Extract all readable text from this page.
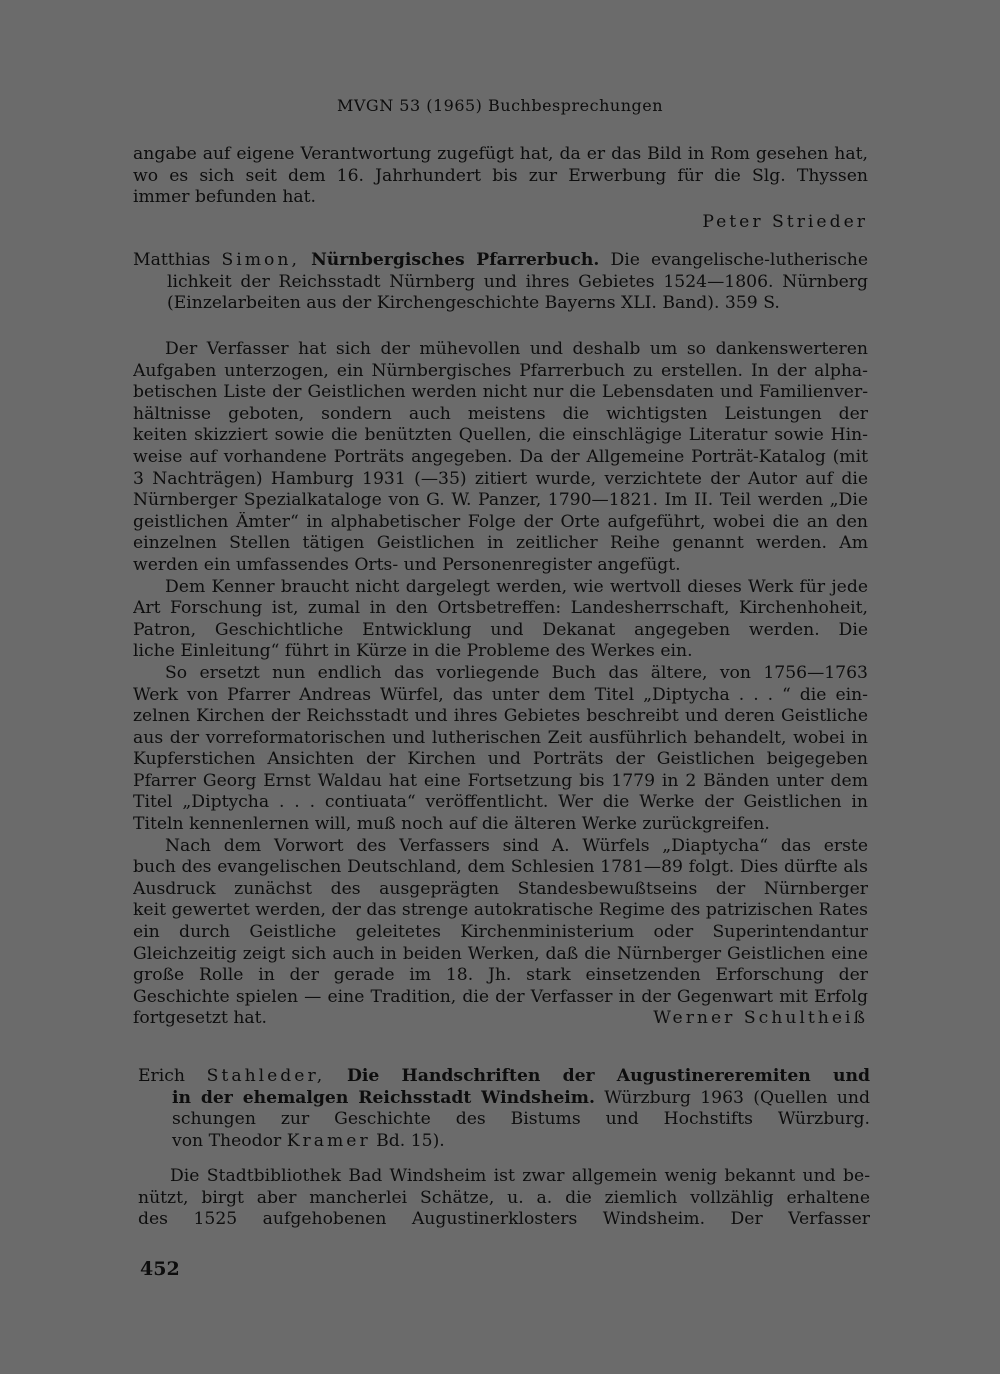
MVGN 53 (1965) Buchbesprechungen
angabe auf eigene Verantwortung zugefügt hat, da er das Bild in Rom gesehen hat,
wo es sich seit dem 16. Jahrhundert bis zur Erwerbung für die Slg. Thyssen
immer befunden hat.
Peter Strieder
Matthias Simon, Nürnbergisches Pfarrerbuch. Die evangelische-lutherische
lichkeit der Reichsstadt Nürnberg und ihres Gebietes 1524—1806. Nürnberg
(Einzelarbeiten aus der Kirchengeschichte Bayerns XLI. Band). 359 S.
Der Verfasser hat sich der mühevollen und deshalb um so dankenswerteren
Aufgaben unterzogen, ein Nürnbergisches Pfarrerbuch zu erstellen. In der alpha-
betischen Liste der Geistlichen werden nicht nur die Lebensdaten und Familienver-
hältnisse geboten, sondern auch meistens die wichtigsten Leistungen der
keiten skizziert sowie die benützten Quellen, die einschlägige Literatur sowie Hin-
weise auf vorhandene Porträts angegeben. Da der Allgemeine Porträt-Katalog (mit
3 Nachträgen) Hamburg 1931 (—35) zitiert wurde, verzichtete der Autor auf die
Nürnberger Spezialkataloge von G. W. Panzer, 1790—1821. Im II. Teil werden „Die
geistlichen Ämter“ in alphabetischer Folge der Orte aufgeführt, wobei die an den
einzelnen Stellen tätigen Geistlichen in zeitlicher Reihe genannt werden. Am
werden ein umfassendes Orts- und Personenregister angefügt.
Dem Kenner braucht nicht dargelegt werden, wie wertvoll dieses Werk für jede
Art Forschung ist, zumal in den Ortsbetreffen: Landesherrschaft, Kirchenhoheit,
Patron, Geschichtliche Entwicklung und Dekanat angegeben werden. Die
liche Einleitung“ führt in Kürze in die Probleme des Werkes ein.
So ersetzt nun endlich das vorliegende Buch das ältere, von 1756—1763
Werk von Pfarrer Andreas Würfel, das unter dem Titel „Diptycha . . . “ die ein-
zelnen Kirchen der Reichsstadt und ihres Gebietes beschreibt und deren Geistliche
aus der vorreformatorischen und lutherischen Zeit ausführlich behandelt, wobei in
Kupferstichen Ansichten der Kirchen und Porträts der Geistlichen beigegeben
Pfarrer Georg Ernst Waldau hat eine Fortsetzung bis 1779 in 2 Bänden unter dem
Titel „Diptycha . . . contiuata“ veröffentlicht. Wer die Werke der Geistlichen in
Titeln kennenlernen will, muß noch auf die älteren Werke zurückgreifen.
Nach dem Vorwort des Verfassers sind A. Würfels „Diaptycha“ das erste
buch des evangelischen Deutschland, dem Schlesien 1781—89 folgt. Dies dürfte als
Ausdruck zunächst des ausgeprägten Standesbewußtseins der Nürnberger
keit gewertet werden, der das strenge autokratische Regime des patrizischen Rates
ein durch Geistliche geleitetes Kirchenministerium oder Superintendantur
Gleichzeitig zeigt sich auch in beiden Werken, daß die Nürnberger Geistlichen eine
große Rolle in der gerade im 18. Jh. stark einsetzenden Erforschung der
Geschichte spielen — eine Tradition, die der Verfasser in der Gegenwart mit Erfolg
fortgesetzt hat.	Werner Schultheiß
Erich Stahleder, Die Handschriften der Augustinereremiten und
in der ehemalgen Reichsstadt Windsheim. Würzburg 1963 (Quellen und
schungen zur Geschichte des Bistums und Hochstifts Würzburg.
von Theodor Kramer Bd. 15).
Die Stadtbibliothek Bad Windsheim ist zwar allgemein wenig bekannt und be-
nützt, birgt aber mancherlei Schätze, u. a. die ziemlich vollzählig erhaltene
des 1525 aufgehobenen Augustinerklosters Windsheim. Der Verfasser
452
